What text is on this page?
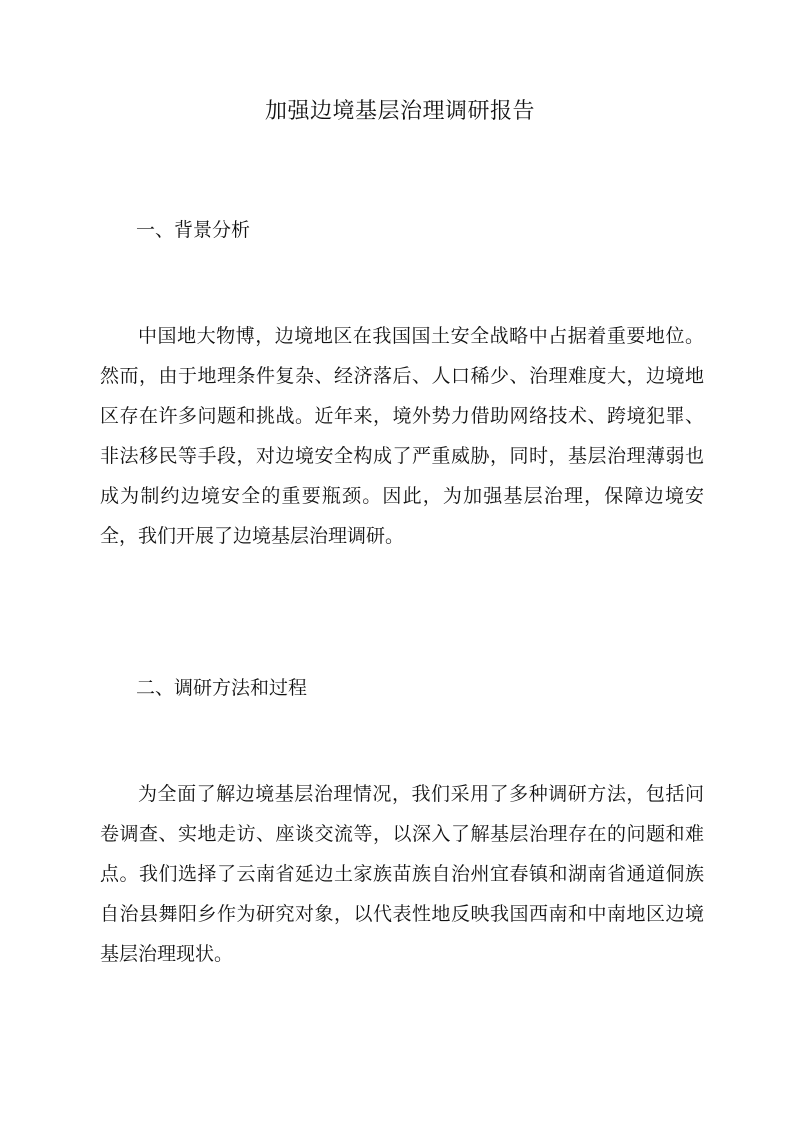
加强边境基层治理调研报告
一、背景分析

中国地大物博，边境地区在我国国土安全战略中占据着重要地位。然而，由于地理条件复杂、经济落后、人口稀少、治理难度大，边境地区存在许多问题和挑战。近年来，境外势力借助网络技术、跨境犯罪、非法移民等手段，对边境安全构成了严重威胁，同时，基层治理薄弱也成为制约边境安全的重要瓶颈。因此，为加强基层治理，保障边境安全，我们开展了边境基层治理调研。

二、调研方法和过程

为全面了解边境基层治理情况，我们采用了多种调研方法，包括问卷调查、实地走访、座谈交流等，以深入了解基层治理存在的问题和难点。我们选择了云南省延边土家族苗族自治州宜春镇和湖南省通道侗族自治县舞阳乡作为研究对象，以代表性地反映我国西南和中南地区边境基层治理现状。
